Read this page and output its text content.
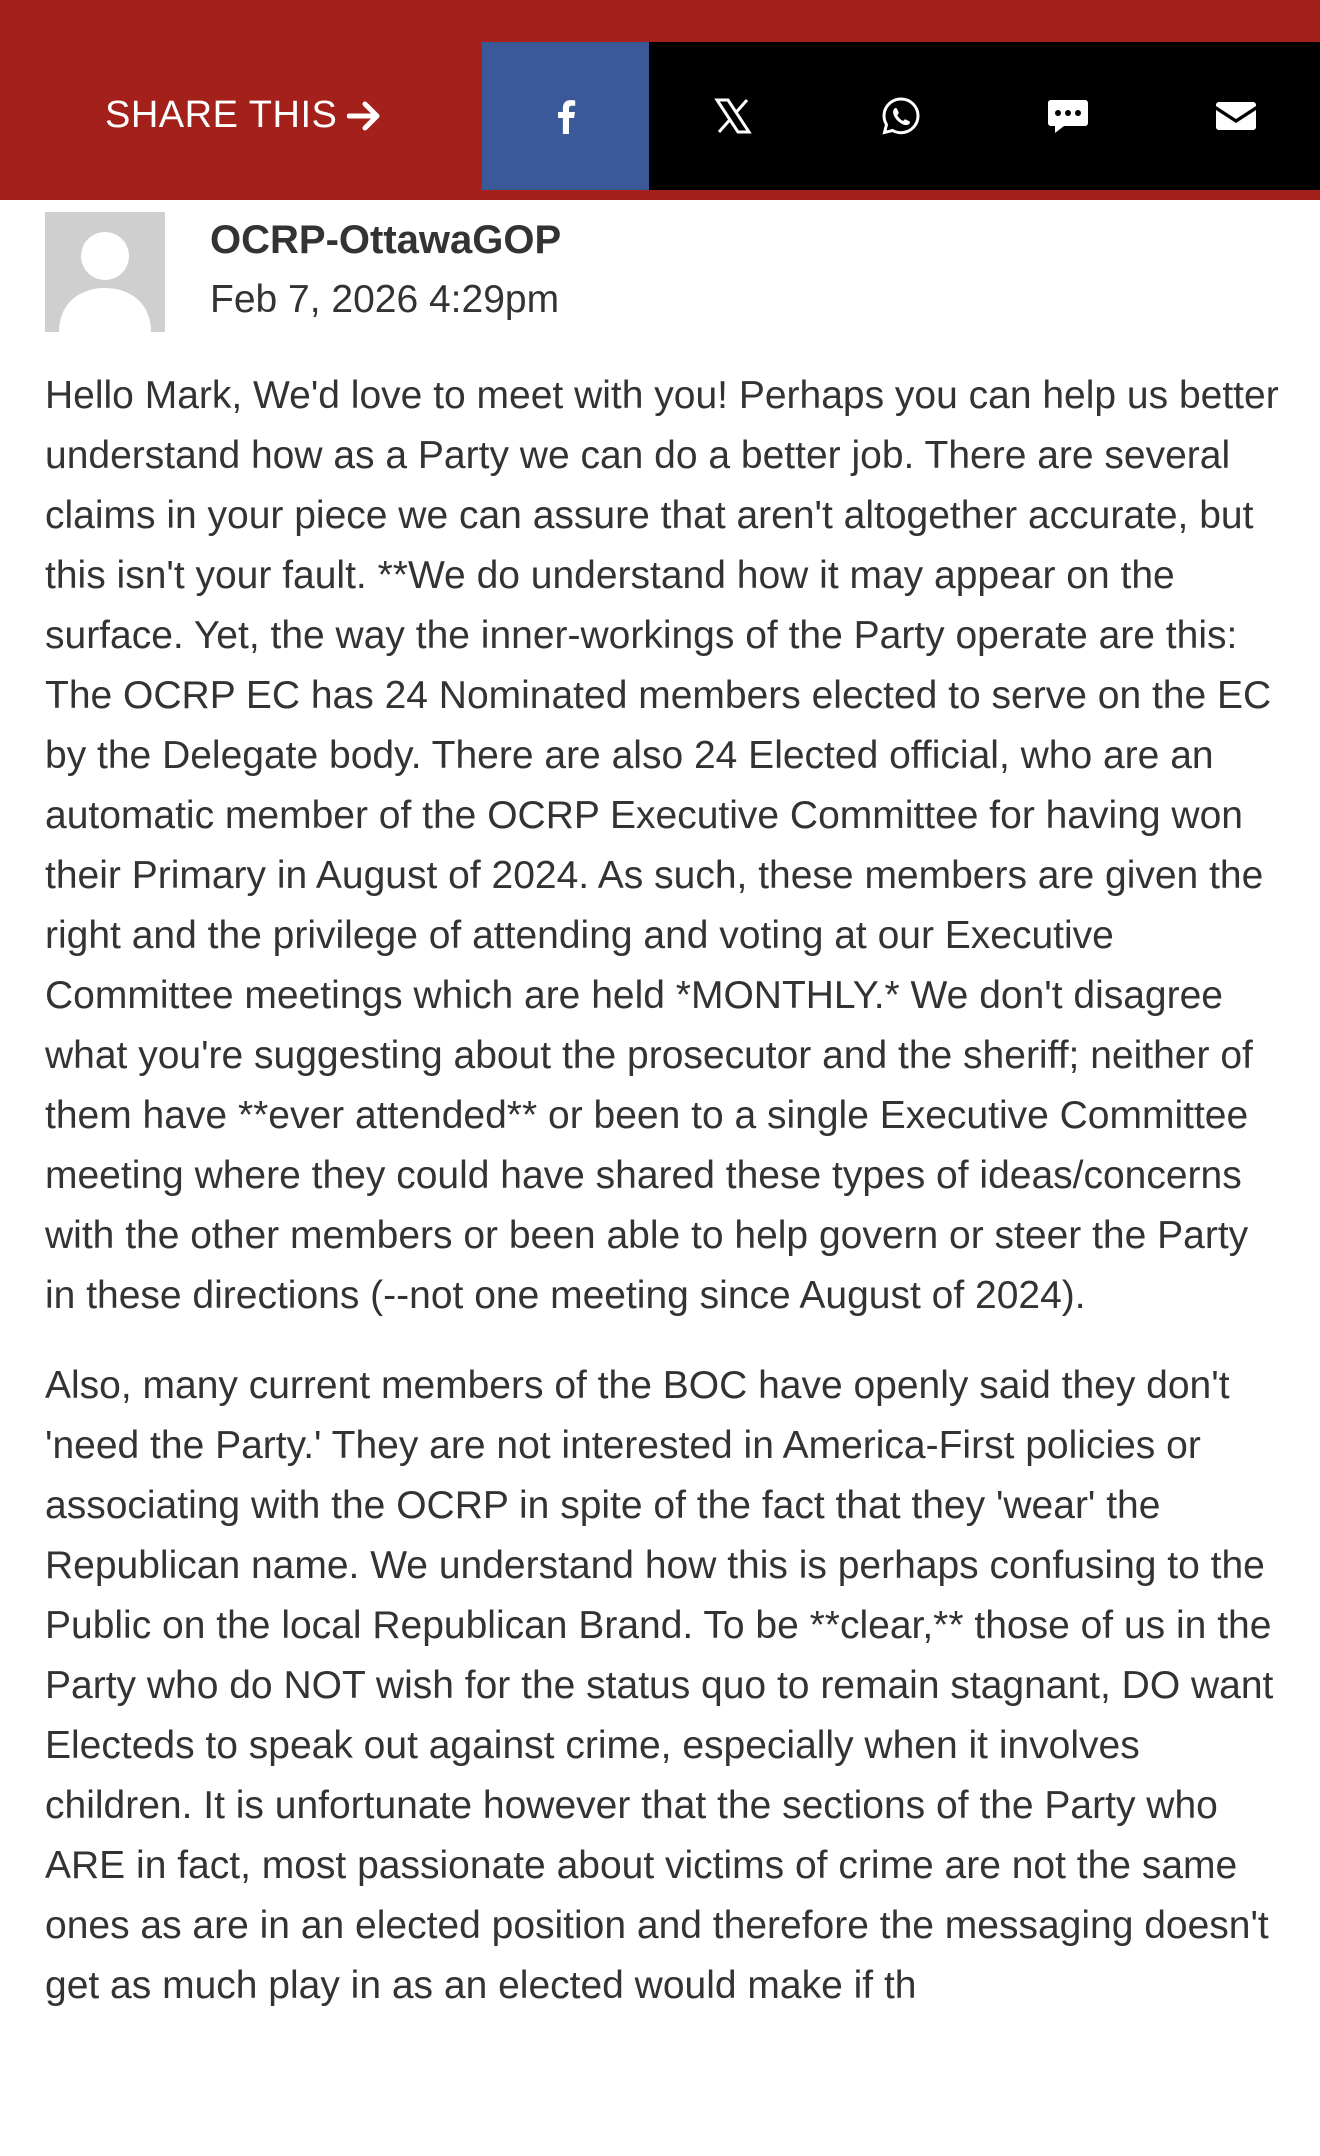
SHARE THIS
OCRP-OttawaGOP
Feb 7, 2026 4:29pm

Hello Mark, We'd love to meet with you! Perhaps you can help us better understand how as a Party we can do a better job. There are several claims in your piece we can assure that aren't altogether accurate, but this isn't your fault. **We do understand how it may appear on the surface. Yet, the way the inner-workings of the Party operate are this: The OCRP EC has 24 Nominated members elected to serve on the EC by the Delegate body. There are also 24 Elected official, who are an automatic member of the OCRP Executive Committee for having won their Primary in August of 2024. As such, these members are given the right and the privilege of attending and voting at our Executive Committee meetings which are held *MONTHLY.* We don't disagree what you're suggesting about the prosecutor and the sheriff; neither of them have **ever attended** or been to a single Executive Committee meeting where they could have shared these types of ideas/concerns with the other members or been able to help govern or steer the Party in these directions (--not one meeting since August of 2024).

Also, many current members of the BOC have openly said they don't 'need the Party.' They are not interested in America-First policies or associating with the OCRP in spite of the fact that they 'wear' the Republican name. We understand how this is perhaps confusing to the Public on the local Republican Brand. To be **clear,** those of us in the Party who do NOT wish for the status quo to remain stagnant, DO want Electeds to speak out against crime, especially when it involves children. It is unfortunate however that the sections of the Party who ARE in fact, most passionate about victims of crime are not the same ones as are in an elected position and therefore the messaging doesn't get as much play in as an elected would make if th
